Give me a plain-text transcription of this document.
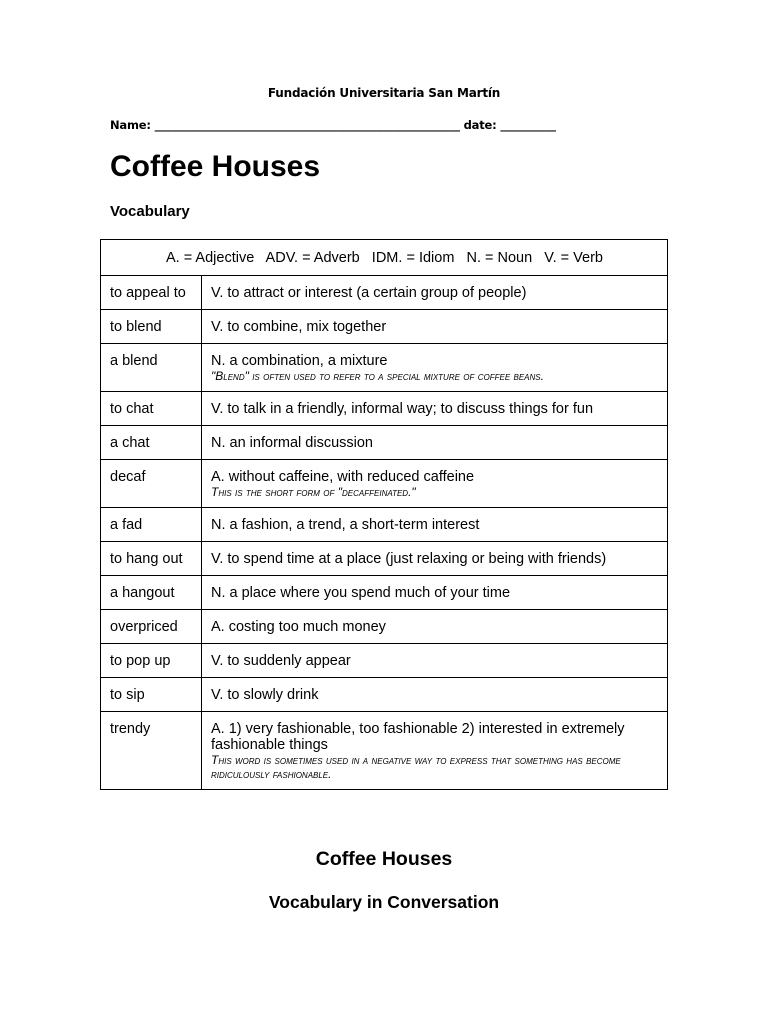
Fundación Universitaria San Martín
Name: _______________________________________________________ date: __________
Coffee Houses
Vocabulary
A. = Adjective   ADV. = Adverb   IDM. = Idiom   N. = Noun   V. = Verb	
to appeal to	V. to attract or interest (a certain group of people)
to blend	V. to combine, mix together
a blend	N. a combination, a mixture
"Blend" is often used to refer to a special mixture of coffee beans.

to chat	V. to talk in a friendly, informal way; to discuss things for fun
a chat	N. an informal discussion
decaf	A. without caffeine, with reduced caffeine
This is the short form of "decaffeinated."

a fad	N. a fashion, a trend, a short-term interest
to hang out	V. to spend time at a place (just relaxing or being with friends)
a hangout	N. a place where you spend much of your time
overpriced	A. costing too much money
to pop up	V. to suddenly appear
to sip	V. to slowly drink
trendy	A. 1) very fashionable, too fashionable 2) interested in extremely fashionable things
This word is sometimes used in a negative way to express that something has become ridiculously fashionable.
Coffee Houses
Vocabulary in Conversation
